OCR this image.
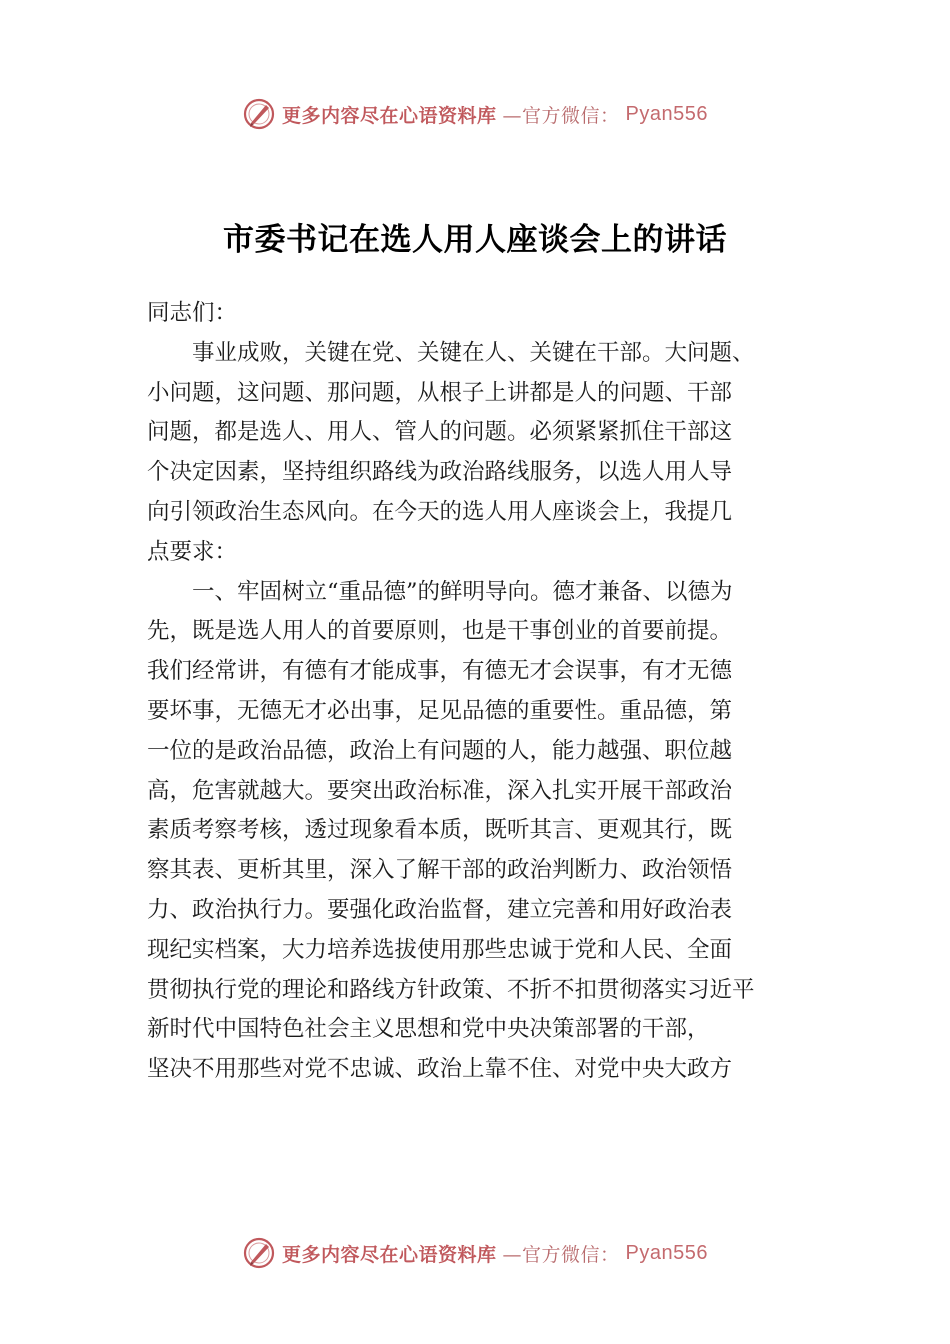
更多内容尽在心语资料库 —官方微信： Pyan556
市委书记在选人用人座谈会上的讲话
同志们：
　　事业成败，关键在党、关键在人、关键在干部。大问题、
小问题，这问题、那问题，从根子上讲都是人的问题、干部
问题，都是选人、用人、管人的问题。必须紧紧抓住干部这
个决定因素，坚持组织路线为政治路线服务，以选人用人导
向引领政治生态风向。在今天的选人用人座谈会上，我提几
点要求：
　　一、牢固树立“重品德”的鲜明导向。德才兼备、以德为
先，既是选人用人的首要原则，也是干事创业的首要前提。
我们经常讲，有德有才能成事，有德无才会误事，有才无德
要坏事，无德无才必出事，足见品德的重要性。重品德，第
一位的是政治品德，政治上有问题的人，能力越强、职位越
高，危害就越大。要突出政治标准，深入扎实开展干部政治
素质考察考核，透过现象看本质，既听其言、更观其行，既
察其表、更析其里，深入了解干部的政治判断力、政治领悟
力、政治执行力。要强化政治监督，建立完善和用好政治表
现纪实档案，大力培养选拔使用那些忠诚于党和人民、全面
贯彻执行党的理论和路线方针政策、不折不扣贯彻落实习近平
新时代中国特色社会主义思想和党中央决策部署的干部，
坚决不用那些对党不忠诚、政治上靠不住、对党中央大政方
更多内容尽在心语资料库 —官方微信： Pyan556
